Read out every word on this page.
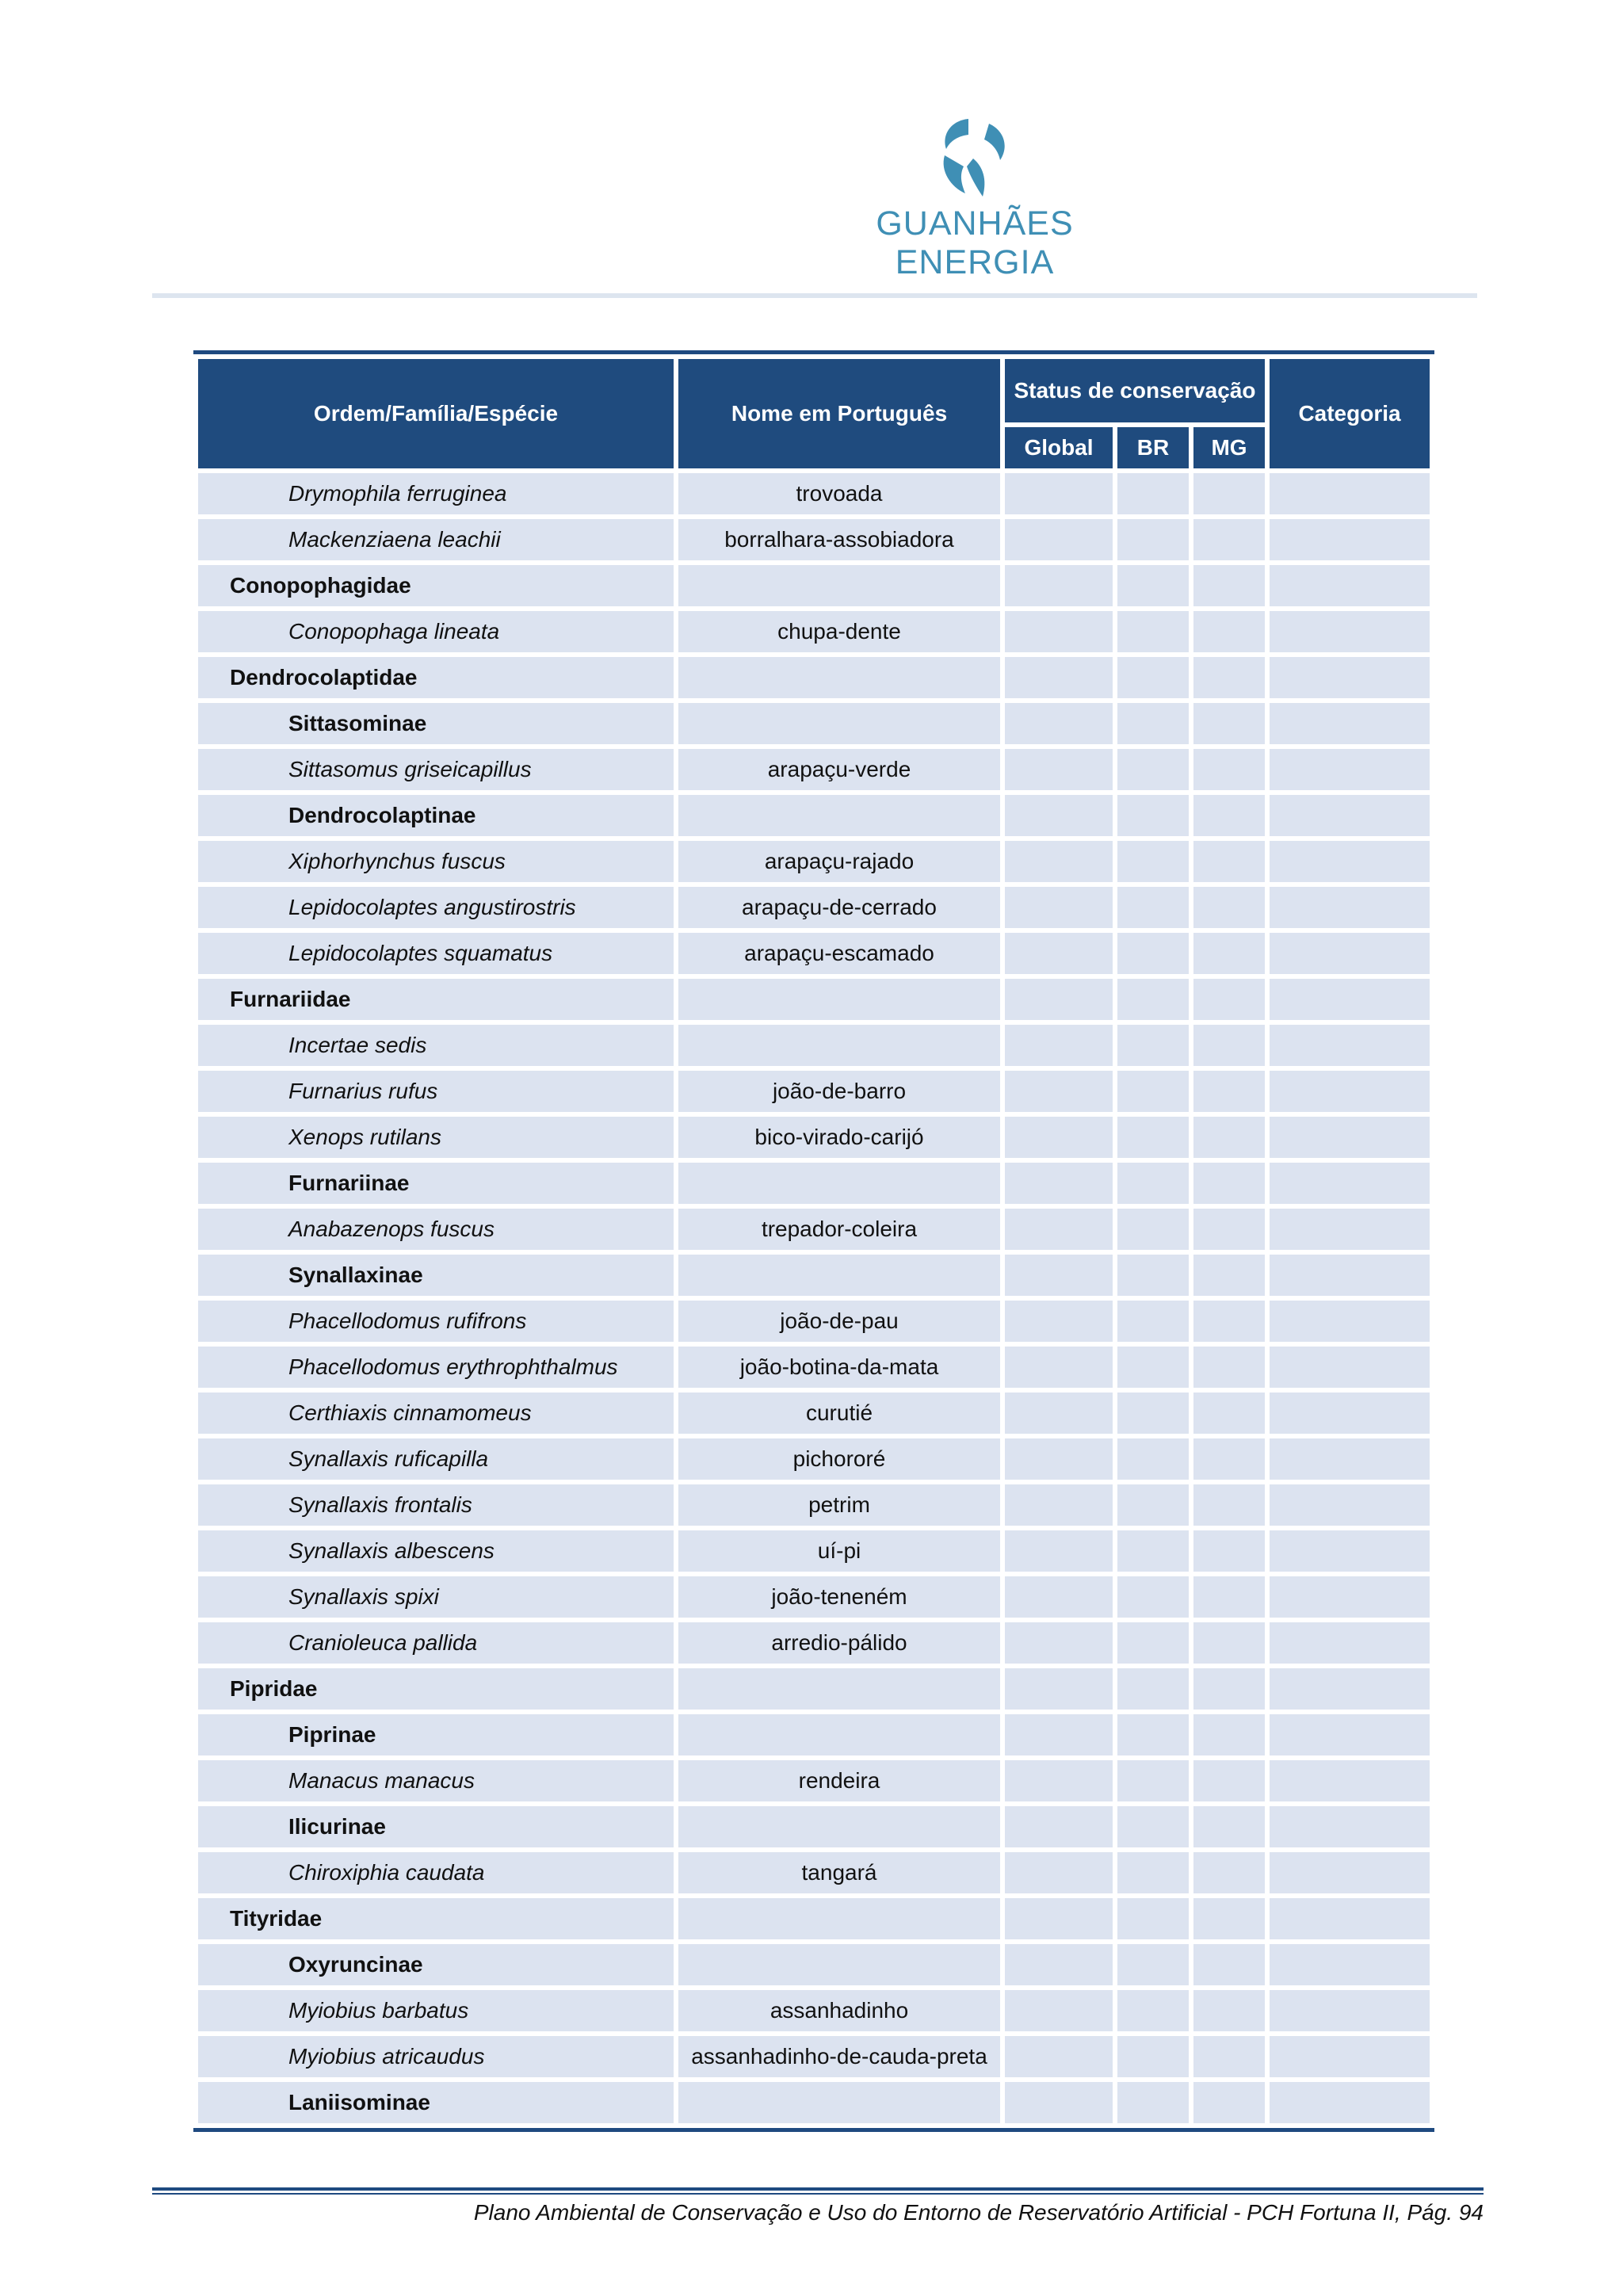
GUANHÃES ENERGIA
Ordem/Família/Espécie	Nome em Português	Status de conservação			Categoria
		Global	BR	MG	
Drymophila ferruginea	trovoada				
Mackenziaena leachii	borralhara-assobiadora				
Conopophagidae					
Conopophaga lineata	chupa-dente				
Dendrocolaptidae					
Sittasominae					
Sittasomus griseicapillus	arapaçu-verde				
Dendrocolaptinae					
Xiphorhynchus fuscus	arapaçu-rajado				
Lepidocolaptes angustirostris	arapaçu-de-cerrado				
Lepidocolaptes squamatus	arapaçu-escamado				
Furnariidae					
Incertae sedis					
Furnarius rufus	joão-de-barro				
Xenops rutilans	bico-virado-carijó				
Furnariinae					
Anabazenops fuscus	trepador-coleira				
Synallaxinae					
Phacellodomus rufifrons	joão-de-pau				
Phacellodomus erythrophthalmus	joão-botina-da-mata				
Certhiaxis cinnamomeus	curutié				
Synallaxis ruficapilla	pichororé				
Synallaxis frontalis	petrim				
Synallaxis albescens	uí-pi				
Synallaxis spixi	joão-teneném				
Cranioleuca pallida	arredio-pálido				
Pipridae					
Piprinae					
Manacus manacus	rendeira				
Ilicurinae					
Chiroxiphia caudata	tangará				
Tityridae					
Oxyruncinae					
Myiobius barbatus	assanhadinho				
Myiobius atricaudus	assanhadinho-de-cauda-preta				
Laniisominae					
Plano Ambiental de Conservação e Uso do Entorno de Reservatório Artificial - PCH Fortuna II, Pág. 94
